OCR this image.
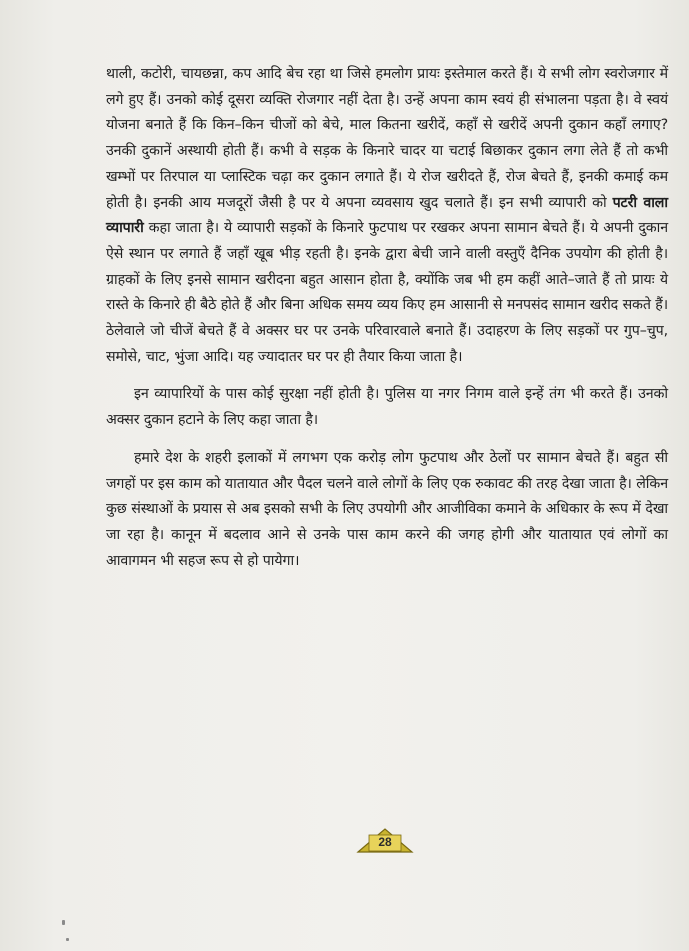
थाली, कटोरी, चायछन्ना, कप आदि बेच रहा था जिसे हमलोग प्रायः इस्तेमाल करते हैं। ये सभी लोग स्वरोजगार में लगे हुए हैं। उनको कोई दूसरा व्यक्ति रोजगार नहीं देता है। उन्हें अपना काम स्वयं ही संभालना पड़ता है। वे स्वयं योजना बनाते हैं कि किन–किन चीजों को बेचे, माल कितना खरीदें, कहाँ से खरीदें अपनी दुकान कहाँ लगाए? उनकी दुकानें अस्थायी होती हैं। कभी वे सड़क के किनारे चादर या चटाई बिछाकर दुकान लगा लेते हैं तो कभी खम्भों पर तिरपाल या प्लास्टिक चढ़ा कर दुकान लगाते हैं। ये रोज खरीदते हैं, रोज बेचते हैं, इनकी कमाई कम होती है। इनकी आय मजदूरों जैसी है पर ये अपना व्यवसाय खुद चलाते हैं। इन सभी व्यापारी को पटरी वाला व्यापारी कहा जाता है। ये व्यापारी सड़कों के किनारे फुटपाथ पर रखकर अपना सामान बेचते हैं। ये अपनी दुकान ऐसे स्थान पर लगाते हैं जहाँ खूब भीड़ रहती है। इनके द्वारा बेची जाने वाली वस्तुएँ दैनिक उपयोग की होती है। ग्राहकों के लिए इनसे सामान खरीदना बहुत आसान होता है, क्योंकि जब भी हम कहीं आते–जाते हैं तो प्रायः ये रास्ते के किनारे ही बैठे होते हैं और बिना अधिक समय व्यय किए हम आसानी से मनपसंद सामान खरीद सकते हैं। ठेलेवाले जो चीजें बेचते हैं वे अक्सर घर पर उनके परिवारवाले बनाते हैं। उदाहरण के लिए सड़कों पर गुप–चुप, समोसे, चाट, भुंजा आदि। यह ज्यादातर घर पर ही तैयार किया जाता है।

इन व्यापारियों के पास कोई सुरक्षा नहीं होती है। पुलिस या नगर निगम वाले इन्हें तंग भी करते हैं। उनको अक्सर दुकान हटाने के लिए कहा जाता है।

हमारे देश के शहरी इलाकों में लगभग एक करोड़ लोग फुटपाथ और ठेलों पर सामान बेचते हैं। बहुत सी जगहों पर इस काम को यातायात और पैदल चलने वाले लोगों के लिए एक रुकावट की तरह देखा जाता है। लेकिन कुछ संस्थाओं के प्रयास से अब इसको सभी के लिए उपयोगी और आजीविका कमाने के अधिकार के रूप में देखा जा रहा है। कानून में बदलाव आने से उनके पास काम करने की जगह होगी और यातायात एवं लोगों का आवागमन भी सहज रूप से हो पायेगा।

28
